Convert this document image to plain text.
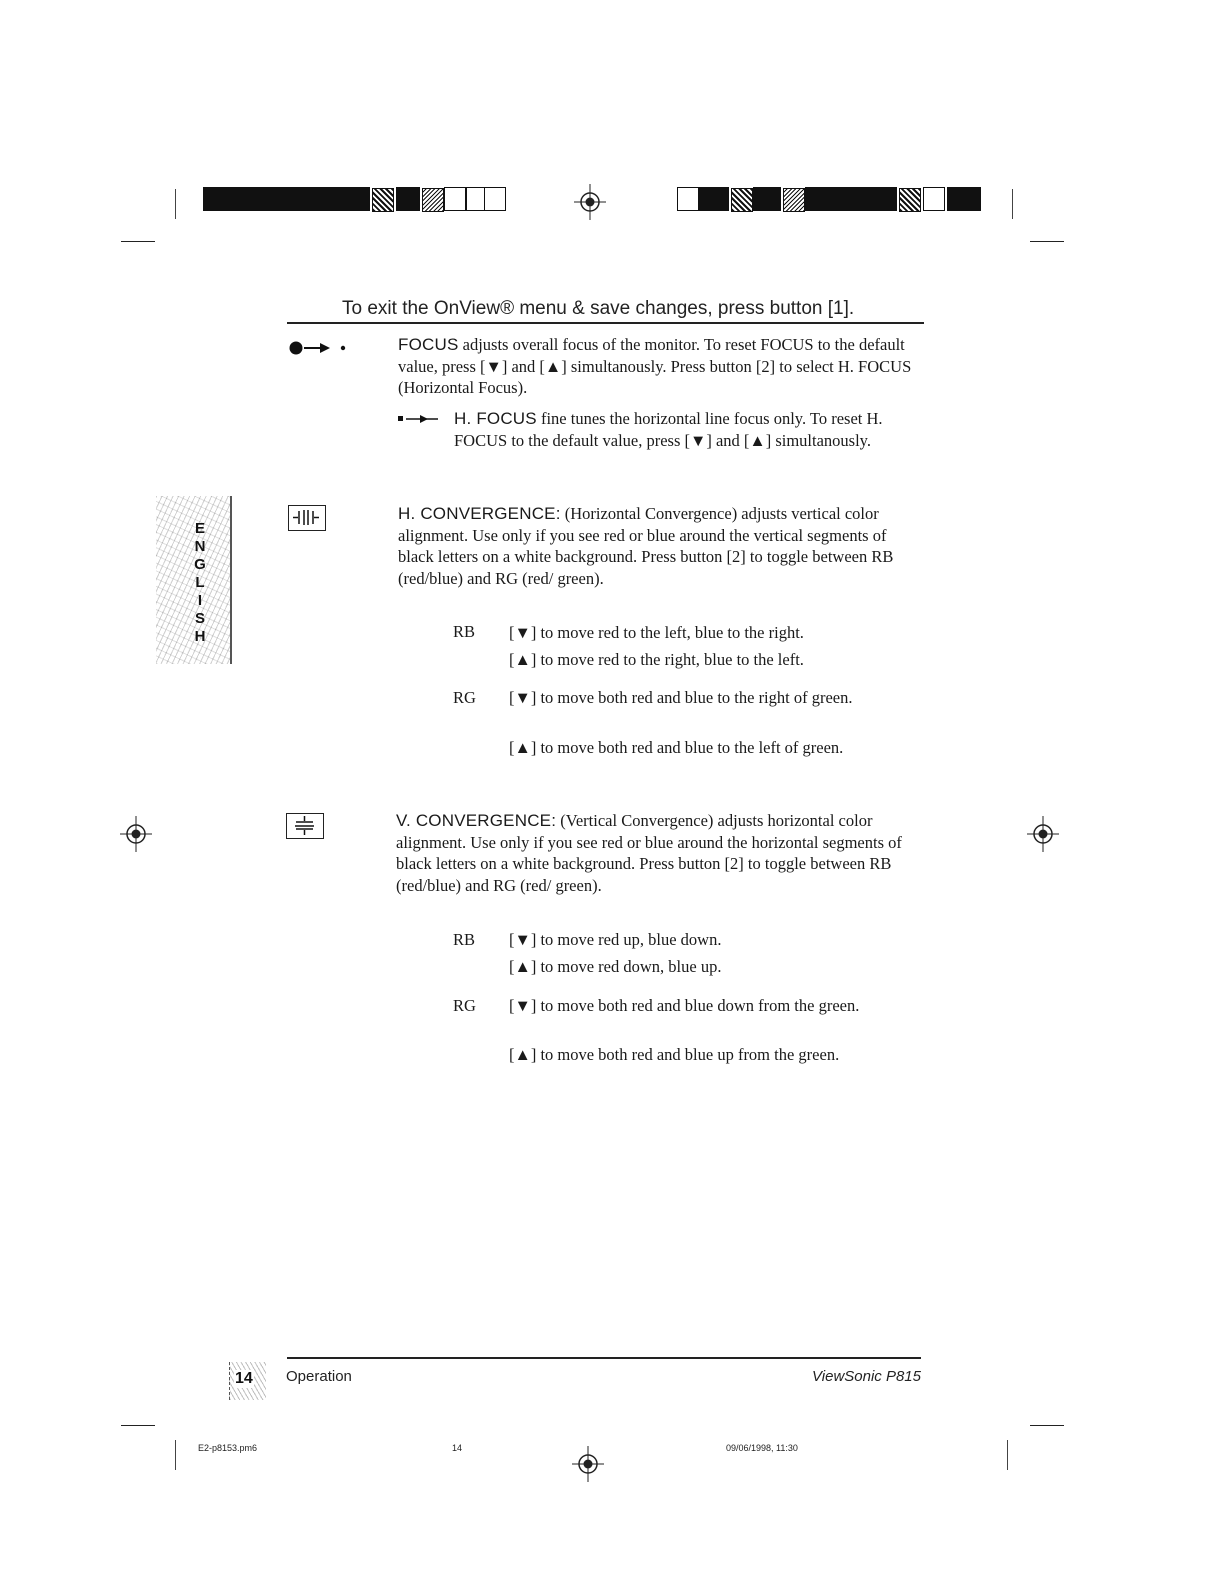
To exit the OnView® menu & save changes, press button [1].
FOCUS adjusts overall focus of the monitor. To reset FOCUS to the default value, press [▼] and [▲] simultanously. Press button [2] to select H. FOCUS (Horizontal Focus).
H. FOCUS fine tunes the horizontal line focus only. To reset H. FOCUS to the default value, press [▼] and [▲] simultanously.
E
N
G
L
I
S
H
H. CONVERGENCE: (Horizontal Convergence) adjusts vertical color alignment. Use only if you see red or blue around the vertical segments of black letters on a white background. Press button [2] to toggle between RB (red/blue) and RG (red/ green).
RB [▼] to move red to the left, blue to the right.
[▲] to move red to the right, blue to the left.
RG [▼] to move both red and blue to the right of green.
[▲] to move both red and blue to the left of green.
V. CONVERGENCE: (Vertical Convergence) adjusts horizontal color alignment. Use only if you see red or blue around the horizontal segments of black letters on a white background. Press button [2] to toggle between RB (red/blue) and RG (red/ green).
RB [▼] to move red up, blue down.
[▲] to move red down, blue up.
RG [▼] to move both red and blue down from the green.
[▲] to move both red and blue up from the green.
14 Operation	ViewSonic P815
E2-p8153.pm6	14	09/06/1998, 11:30
